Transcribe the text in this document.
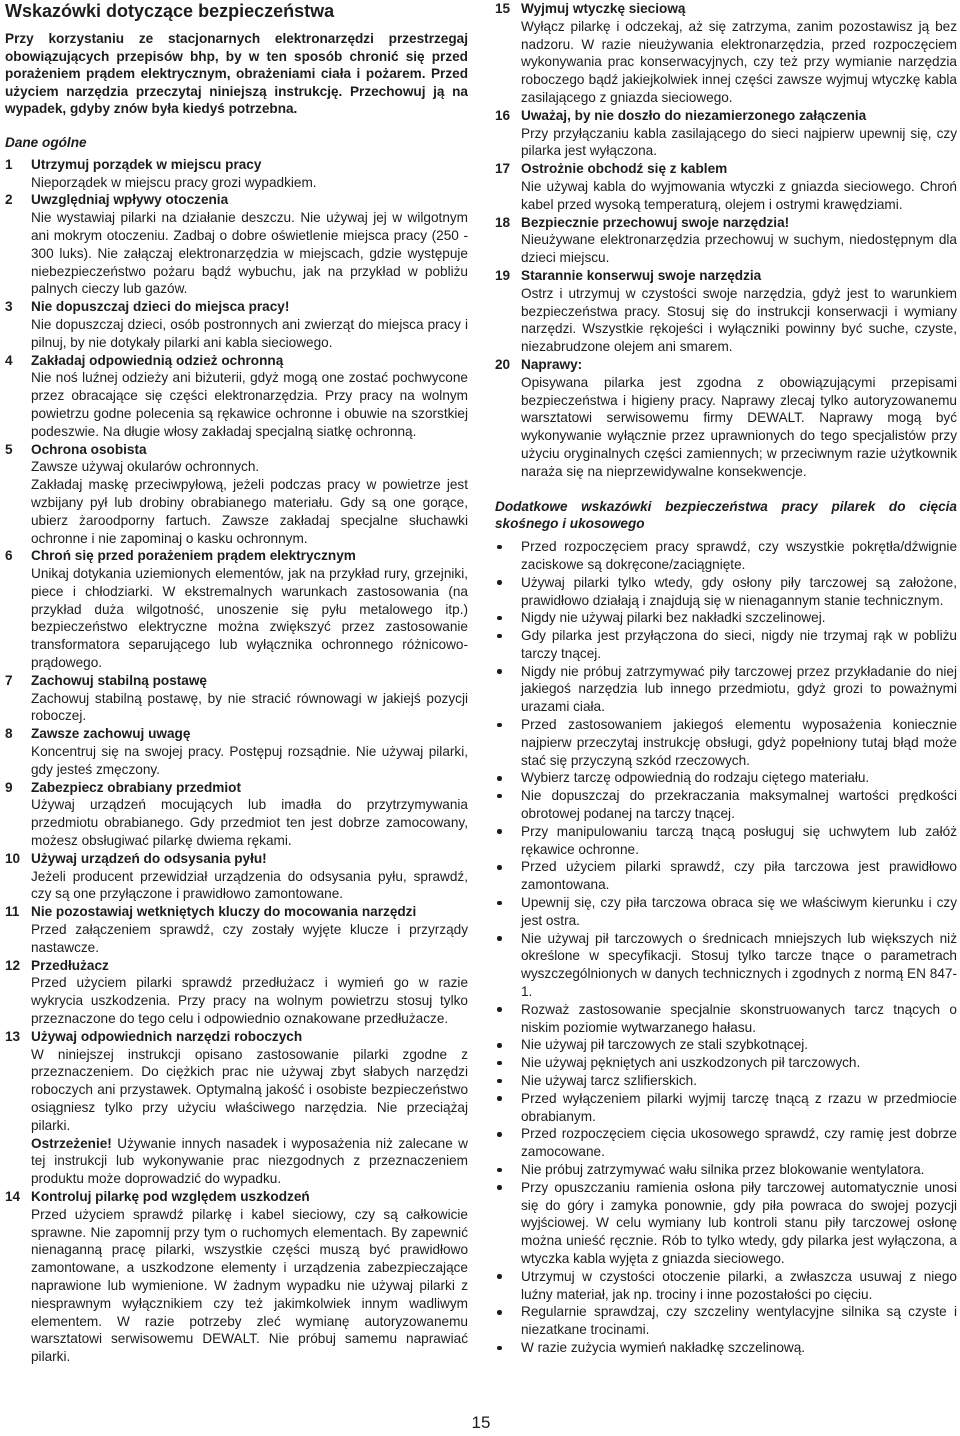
Wskazówki dotyczące bezpieczeństwa

Przy korzystaniu ze stacjonarnych elektronarzędzi przestrzegaj obowiązujących przepisów bhp, by w ten sposób chronić się przed porażeniem prądem elektrycznym, obrażeniami ciała i pożarem. Przed użyciem narzędzia przeczytaj niniejszą instrukcję. Przechowuj ją na wypadek, gdyby znów była kiedyś potrzebna.

Dane ogólne
1 Utrzymuj porządek w miejscu pracy

Nieporządek w miejscu pracy grozi wypadkiem.

2 Uwzględniaj wpływy otoczenia

Nie wystawiaj pilarki na działanie deszczu. Nie używaj jej w wilgotnym ani mokrym otoczeniu. Zadbaj o dobre oświetlenie miejsca pracy (250 - 300 luks). Nie załączaj elektronarzędzia w miejscach, gdzie występuje niebezpieczeństwo pożaru bądź wybuchu, jak na przykład w pobliżu palnych cieczy lub gazów.

3 Nie dopuszczaj dzieci do miejsca pracy!

Nie dopuszczaj dzieci, osób postronnych ani zwierząt do miejsca pracy i pilnuj, by nie dotykały pilarki ani kabla sieciowego.

4 Zakładaj odpowiednią odzież ochronną

Nie noś luźnej odzieży ani biżuterii, gdyż mogą one zostać pochwycone przez obracające się części elektronarzędzia. Przy pracy na wolnym powietrzu godne polecenia są rękawice ochronne i obuwie na szorstkiej podeszwie. Na długie włosy zakładaj specjalną siatkę ochronną.

5 Ochrona osobista

Zawsze używaj okularów ochronnych.

Zakładaj maskę przeciwpyłową, jeżeli podczas pracy w powietrze jest wzbijany pył lub drobiny obrabianego materiału. Gdy są one gorące, ubierz żaroodporny fartuch. Zawsze zakładaj specjalne słuchawki ochronne i nie zapominaj o kasku ochronnym.

6 Chroń się przed porażeniem prądem elektrycznym

Unikaj dotykania uziemionych elementów, jak na przykład rury, grzejniki, piece i chłodziarki. W ekstremalnych warunkach zastosowania (na przykład duża wilgotność, unoszenie się pyłu metalowego itp.) bezpieczeństwo elektryczne można zwiększyć przez zastosowanie transformatora separującego lub wyłącznika ochronnego różnicowo-prądowego.

7 Zachowuj stabilną postawę

Zachowuj stabilną postawę, by nie stracić równowagi w jakiejś pozycji roboczej.

8 Zawsze zachowuj uwagę

Koncentruj się na swojej pracy. Postępuj rozsądnie. Nie używaj pilarki, gdy jesteś zmęczony.

9 Zabezpiecz obrabiany przedmiot

Używaj urządzeń mocujących lub imadła do przytrzymywania przedmiotu obrabianego. Gdy przedmiot ten jest dobrze zamocowany, możesz obsługiwać pilarkę dwiema rękami.

10 Używaj urządzeń do odsysania pyłu!

Jeżeli producent przewidział urządzenia do odsysania pyłu, sprawdź, czy są one przyłączone i prawidłowo zamontowane.

11 Nie pozostawiaj wetkniętych kluczy do mocowania narzędzi

Przed załączeniem sprawdź, czy zostały wyjęte klucze i przyrządy nastawcze.

12 Przedłużacz

Przed użyciem pilarki sprawdź przedłużacz i wymień go w razie wykrycia uszkodzenia. Przy pracy na wolnym powietrzu stosuj tylko przeznaczone do tego celu i odpowiednio oznakowane przedłużacze.

13 Używaj odpowiednich narzędzi roboczych

W niniejszej instrukcji opisano zastosowanie pilarki zgodne z przeznaczeniem. Do ciężkich prac nie używaj zbyt słabych narzędzi roboczych ani przystawek. Optymalną jakość i osobiste bezpieczeństwo osiągniesz tylko przy użyciu właściwego narzędzia. Nie przeciążaj pilarki.

Ostrzeżenie! Używanie innych nasadek i wyposażenia niż zalecane w tej instrukcji lub wykonywanie prac niezgodnych z przeznaczeniem produktu może doprowadzić do wypadku.

14 Kontroluj pilarkę pod względem uszkodzeń

Przed użyciem sprawdź pilarkę i kabel sieciowy, czy są całkowicie sprawne. Nie zapomnij przy tym o ruchomych elementach. By zapewnić nienaganną pracę pilarki, wszystkie części muszą być prawidłowo zamontowane, a uszkodzone elementy i urządzenia zabezpieczające naprawione lub wymienione. W żadnym wypadku nie używaj pilarki z niesprawnym wyłącznikiem czy też jakimkolwiek innym wadliwym elementem. W razie potrzeby zleć wymianę autoryzowanemu warsztatowi serwisowemu DEWALT. Nie próbuj samemu naprawiać pilarki.

15 Wyjmuj wtyczkę sieciową

Wyłącz pilarkę i odczekaj, aż się zatrzyma, zanim pozostawisz ją bez nadzoru. W razie nieużywania elektronarzędzia, przed rozpoczęciem wykonywania prac konserwacyjnych, czy też przy wymianie narzędzia roboczego bądź jakiejkolwiek innej części zawsze wyjmuj wtyczkę kabla zasilającego z gniazda sieciowego.

16 Uważaj, by nie doszło do niezamierzonego załączenia

Przy przyłączaniu kabla zasilającego do sieci najpierw upewnij się, czy pilarka jest wyłączona.

17 Ostrożnie obchodź się z kablem

Nie używaj kabla do wyjmowania wtyczki z gniazda sieciowego. Chroń kabel przed wysoką temperaturą, olejem i ostrymi krawędziami.

18 Bezpiecznie przechowuj swoje narzędzia!

Nieużywane elektronarzędzia przechowuj w suchym, niedostępnym dla dzieci miejscu.

19 Starannie konserwuj swoje narzędzia

Ostrz i utrzymuj w czystości swoje narzędzia, gdyż jest to warunkiem bezpieczeństwa pracy. Stosuj się do instrukcji konserwacji i wymiany narzędzi. Wszystkie rękojeści i wyłączniki powinny być suche, czyste, niezabrudzone olejem ani smarem.

20 Naprawy:

Opisywana pilarka jest zgodna z obowiązującymi przepisami bezpieczeństwa i higieny pracy. Naprawy zlecaj tylko autoryzowanemu warsztatowi serwisowemu firmy DEWALT. Naprawy mogą być wykonywanie wyłącznie przez uprawnionych do tego specjalistów przy użyciu oryginalnych części zamiennych; w przeciwnym razie użytkownik naraża się na nieprzewidywalne konsekwencje.

Dodatkowe wskazówki bezpieczeństwa pracy pilarek do cięcia skośnego i ukosowego

Przed rozpoczęciem pracy sprawdź, czy wszystkie pokrętła/dźwignie zaciskowe są dokręcone/zaciągnięte.

Używaj pilarki tylko wtedy, gdy osłony piły tarczowej są założone, prawidłowo działają i znajdują się w nienagannym stanie technicznym.

Nigdy nie używaj pilarki bez nakładki szczelinowej.

Gdy pilarka jest przyłączona do sieci, nigdy nie trzymaj rąk w pobliżu tarczy tnącej.

Nigdy nie próbuj zatrzymywać piły tarczowej przez przykładanie do niej jakiegoś narzędzia lub innego przedmiotu, gdyż grozi to poważnymi urazami ciała.

Przed zastosowaniem jakiegoś elementu wyposażenia koniecznie najpierw przeczytaj instrukcję obsługi, gdyż popełniony tutaj błąd może stać się przyczyną szkód rzeczowych.

Wybierz tarczę odpowiednią do rodzaju ciętego materiału.

Nie dopuszczaj do przekraczania maksymalnej wartości prędkości obrotowej podanej na tarczy tnącej.

Przy manipulowaniu tarczą tnącą posługuj się uchwytem lub załóż rękawice ochronne.

Przed użyciem pilarki sprawdź, czy piła tarczowa jest prawidłowo zamontowana.

Upewnij się, czy piła tarczowa obraca się we właściwym kierunku i czy jest ostra.

Nie używaj pił tarczowych o średnicach mniejszych lub większych niż określone w specyfikacji. Stosuj tylko tarcze tnące o parametrach wyszczególnionych w danych technicznych i zgodnych z normą EN 847-1.

Rozważ zastosowanie specjalnie skonstruowanych tarcz tnących o niskim poziomie wytwarzanego hałasu.

Nie używaj pił tarczowych ze stali szybkotnącej.

Nie używaj pękniętych ani uszkodzonych pił tarczowych.

Nie używaj tarcz szlifierskich.

Przed wyłączeniem pilarki wyjmij tarczę tnącą z rzazu w przedmiocie obrabianym.

Przed rozpoczęciem cięcia ukosowego sprawdź, czy ramię jest dobrze zamocowane.

Nie próbuj zatrzymywać wału silnika przez blokowanie wentylatora.

Przy opuszczaniu ramienia osłona piły tarczowej automatycznie unosi się do góry i zamyka ponownie, gdy piła powraca do swojej pozycji wyjściowej. W celu wymiany lub kontroli stanu piły tarczowej osłonę można unieść ręcznie. Rób to tylko wtedy, gdy pilarka jest wyłączona, a wtyczka kabla wyjęta z gniazda sieciowego.

Utrzymuj w czystości otoczenie pilarki, a zwłaszcza usuwaj z niego luźny materiał, jak np. trociny i inne pozostałości po cięciu.

Regularnie sprawdzaj, czy szczeliny wentylacyjne silnika są czyste i niezatkane trocinami.

W razie zużycia wymień nakładkę szczelinową.

15
